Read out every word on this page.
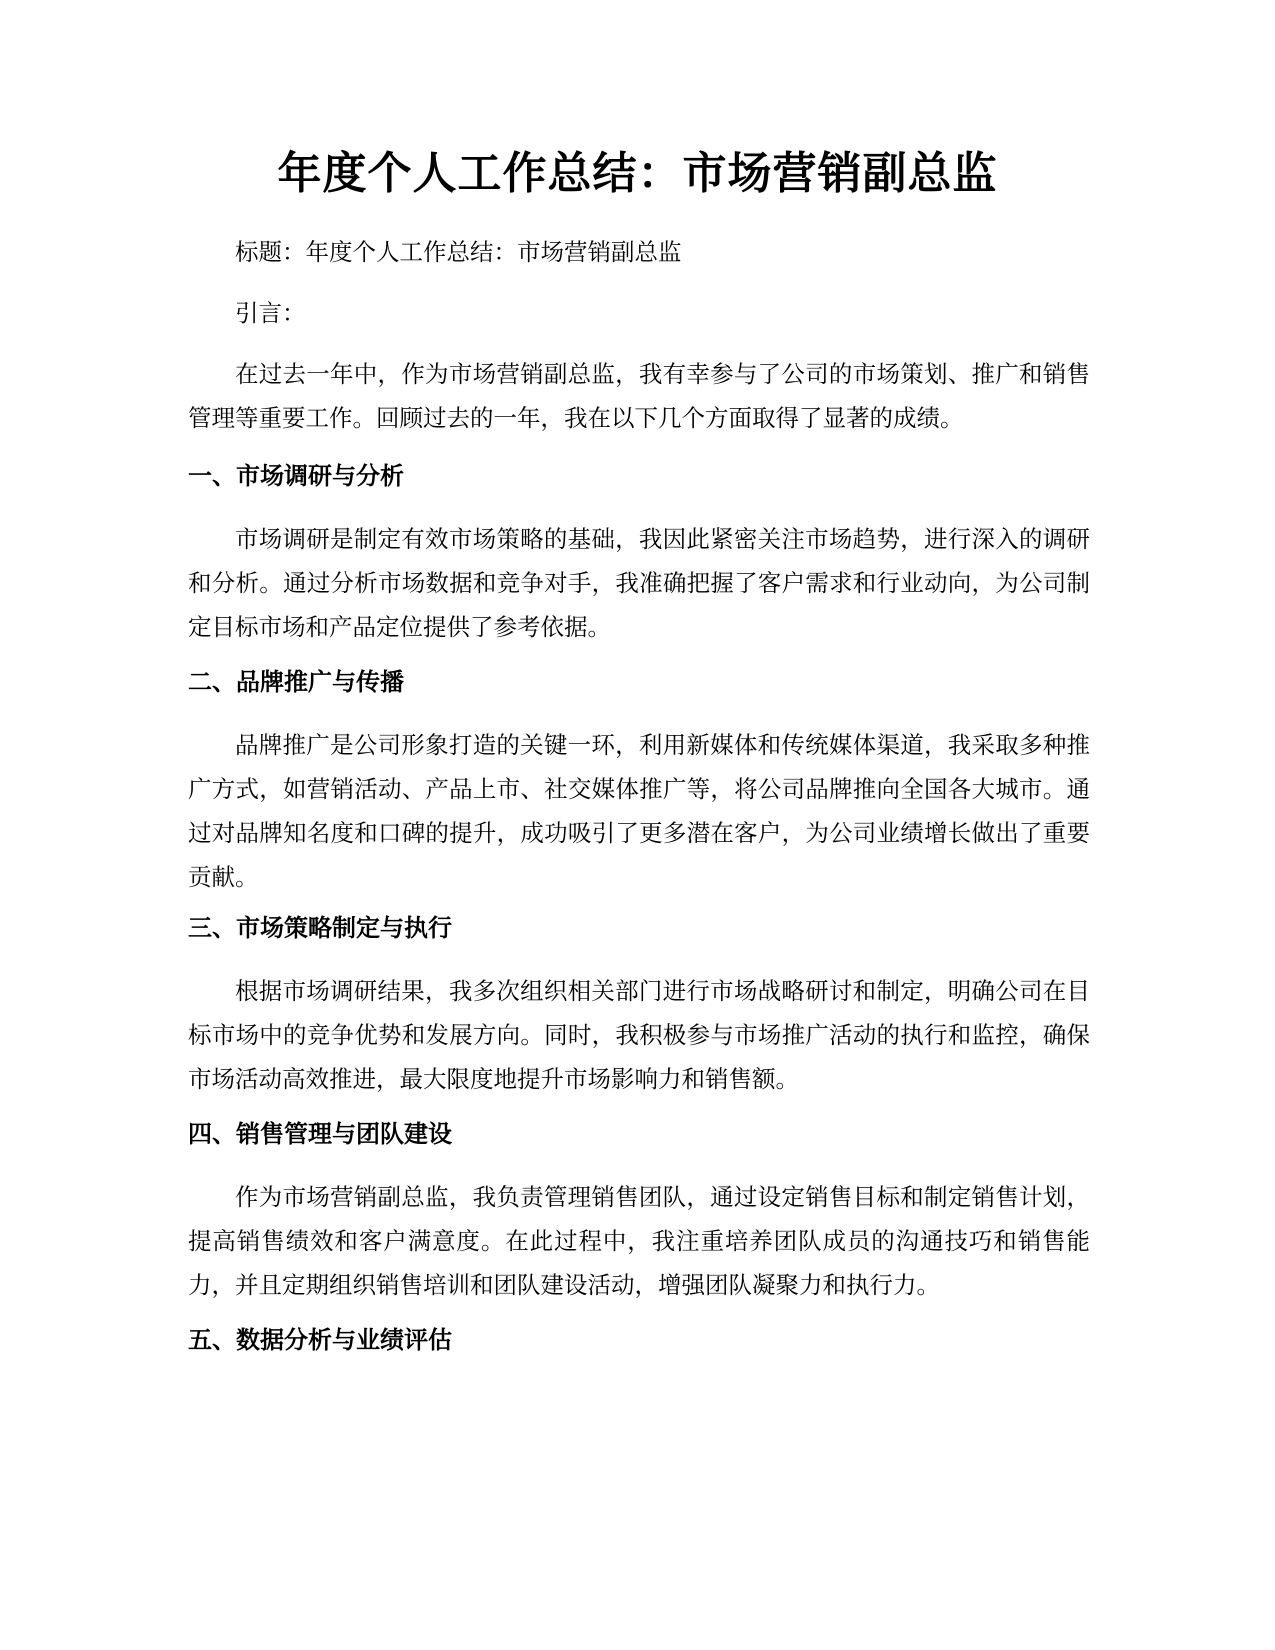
年度个人工作总结：市场营销副总监

标题：年度个人工作总结：市场营销副总监

引言：

在过去一年中，作为市场营销副总监，我有幸参与了公司的市场策划、推广和销售管理等重要工作。回顾过去的一年，我在以下几个方面取得了显著的成绩。

一、市场调研与分析

市场调研是制定有效市场策略的基础，我因此紧密关注市场趋势，进行深入的调研和分析。通过分析市场数据和竞争对手，我准确把握了客户需求和行业动向，为公司制定目标市场和产品定位提供了参考依据。

二、品牌推广与传播

品牌推广是公司形象打造的关键一环，利用新媒体和传统媒体渠道，我采取多种推广方式，如营销活动、产品上市、社交媒体推广等，将公司品牌推向全国各大城市。通过对品牌知名度和口碑的提升，成功吸引了更多潜在客户，为公司业绩增长做出了重要贡献。

三、市场策略制定与执行

根据市场调研结果，我多次组织相关部门进行市场战略研讨和制定，明确公司在目标市场中的竞争优势和发展方向。同时，我积极参与市场推广活动的执行和监控，确保市场活动高效推进，最大限度地提升市场影响力和销售额。

四、销售管理与团队建设

作为市场营销副总监，我负责管理销售团队，通过设定销售目标和制定销售计划，提高销售绩效和客户满意度。在此过程中，我注重培养团队成员的沟通技巧和销售能力，并且定期组织销售培训和团队建设活动，增强团队凝聚力和执行力。

五、数据分析与业绩评估
